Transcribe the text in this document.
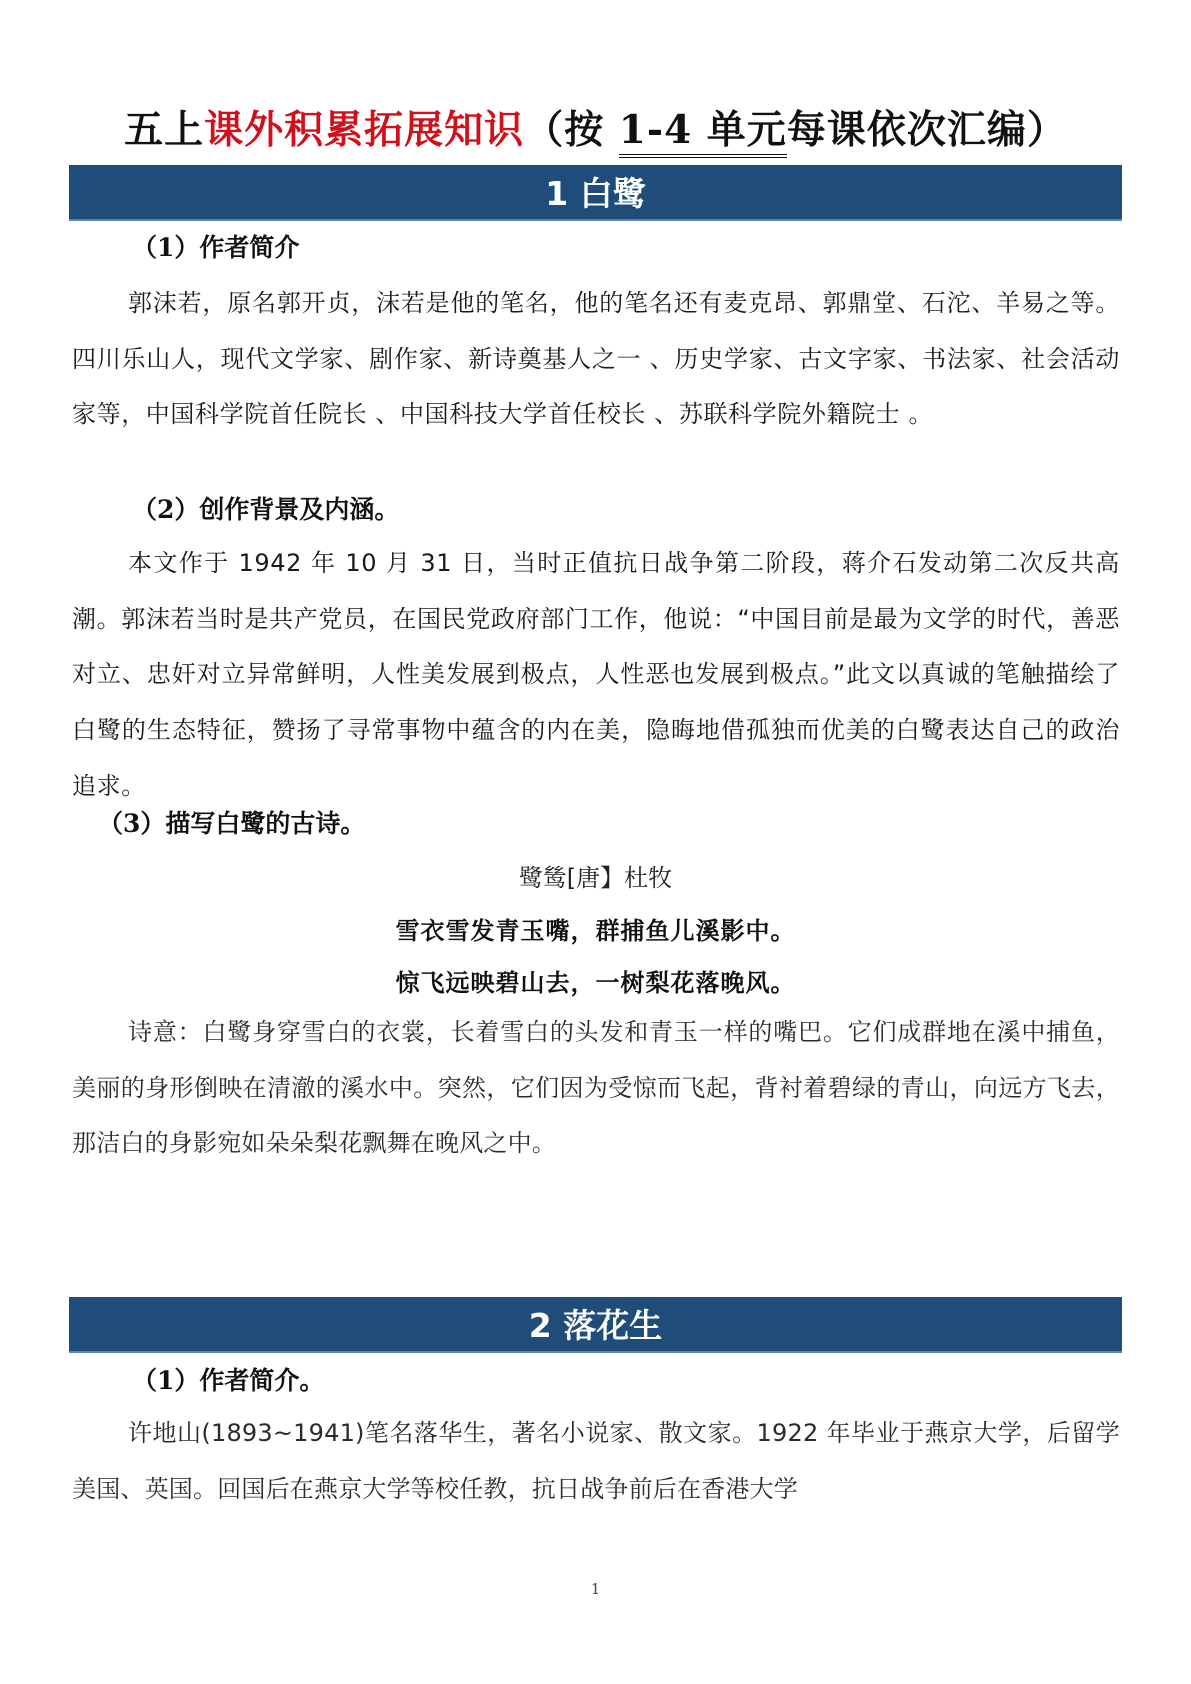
五上课外积累拓展知识（按 1-4 单元每课依次汇编）
1 白鹭
（1）作者简介

郭沫若，原名郭开贞，沫若是他的笔名，他的笔名还有麦克昂、郭鼎堂、石沱、羊易之等。四川乐山人，现代文学家、剧作家、新诗奠基人之一 、历史学家、古文字家、书法家、社会活动家等，中国科学院首任院长 、中国科技大学首任校长 、苏联科学院外籍院士 。

（2）创作背景及内涵。

本文作于 1942 年 10 月 31 日，当时正值抗日战争第二阶段，蒋介石发动第二次反共高潮。郭沫若当时是共产党员，在国民党政府部门工作，他说：“中国目前是最为文学的时代，善恶对立、忠奸对立异常鲜明，人性美发展到极点，人性恶也发展到极点。”此文以真诚的笔触描绘了白鹭的生态特征，赞扬了寻常事物中蕴含的内在美，隐晦地借孤独而优美的白鹭表达自己的政治追求。

（3）描写白鹭的古诗。
鹭鸶[唐】杜牧
雪衣雪发青玉嘴，群捕鱼儿溪影中。
惊飞远映碧山去，一树梨花落晚风。

诗意：白鹭身穿雪白的衣裳，长着雪白的头发和青玉一样的嘴巴。它们成群地在溪中捕鱼，美丽的身形倒映在清澈的溪水中。突然，它们因为受惊而飞起，背衬着碧绿的青山，向远方飞去，那洁白的身影宛如朵朵梨花飘舞在晚风之中。

2 落花生
（1）作者简介。

许地山(1893~1941)笔名落华生，著名小说家、散文家。1922 年毕业于燕京大学，后留学美国、英国。回国后在燕京大学等校任教，抗日战争前后在香港大学

1
